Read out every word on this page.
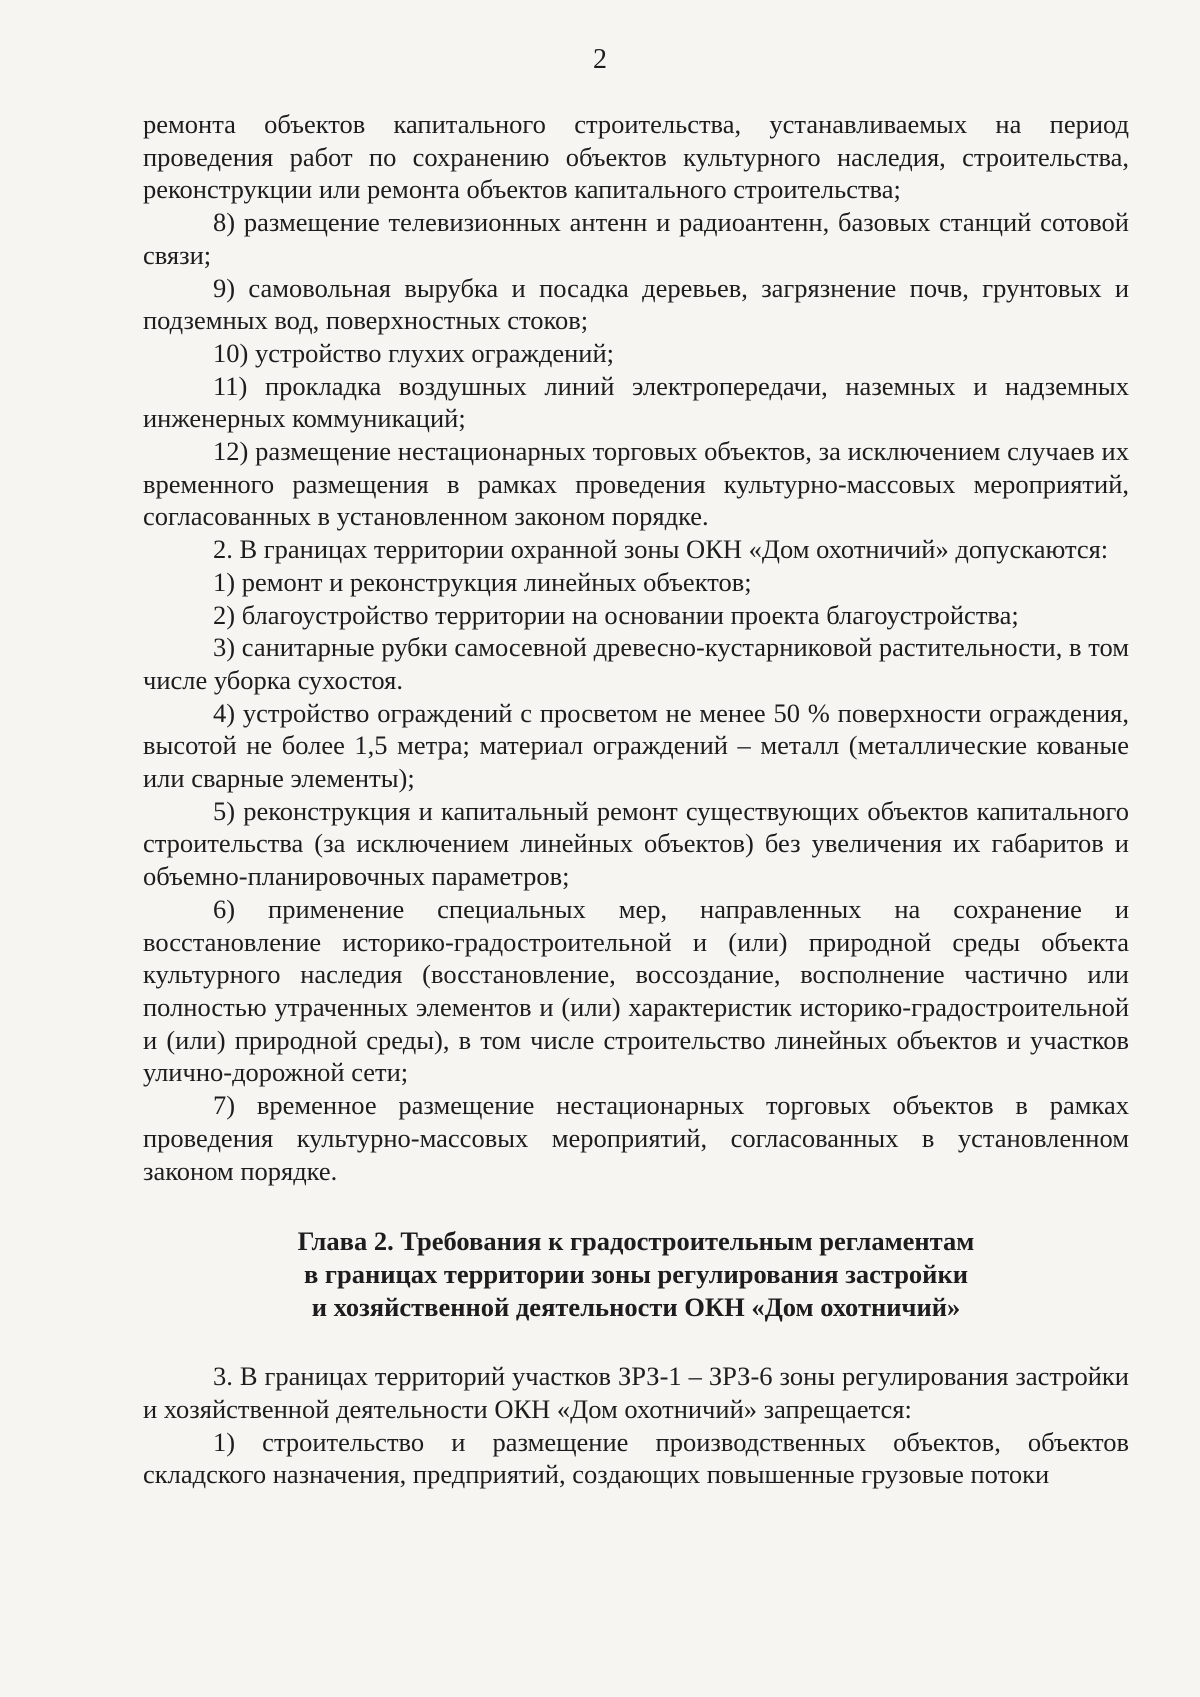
2

ремонта объектов капитального строительства, устанавливаемых на период проведения работ по сохранению объектов культурного наследия, строительства, реконструкции или ремонта объектов капитального строительства;

8) размещение телевизионных антенн и радиоантенн, базовых станций сотовой связи;

9) самовольная вырубка и посадка деревьев, загрязнение почв, грунтовых и подземных вод, поверхностных стоков;

10) устройство глухих ограждений;

11) прокладка воздушных линий электропередачи, наземных и надземных инженерных коммуникаций;

12) размещение нестационарных торговых объектов, за исключением случаев их временного размещения в рамках проведения культурно-массовых мероприятий, согласованных в установленном законом порядке.

2. В границах территории охранной зоны ОКН «Дом охотничий» допускаются:

1) ремонт и реконструкция линейных объектов;

2) благоустройство территории на основании проекта благоустройства;

3) санитарные рубки самосевной древесно-кустарниковой растительности, в том числе уборка сухостоя.

4) устройство ограждений с просветом не менее 50 % поверхности ограждения, высотой не более 1,5 метра; материал ограждений – металл (металлические кованые или сварные элементы);

5) реконструкция и капитальный ремонт существующих объектов капитального строительства (за исключением линейных объектов) без увеличения их габаритов и объемно-планировочных параметров;

6) применение специальных мер, направленных на сохранение и восстановление историко-градостроительной и (или) природной среды объекта культурного наследия (восстановление, воссоздание, восполнение частично или полностью утраченных элементов и (или) характеристик историко-градостроительной и (или) природной среды), в том числе строительство линейных объектов и участков улично-дорожной сети;

7) временное размещение нестационарных торговых объектов в рамках проведения культурно-массовых мероприятий, согласованных в установленном законом порядке.

Глава 2. Требования к градостроительным регламентам
в границах территории зоны регулирования застройки
и хозяйственной деятельности ОКН «Дом охотничий»

3. В границах территорий участков ЗРЗ-1 – ЗРЗ-6 зоны регулирования застройки и хозяйственной деятельности ОКН «Дом охотничий» запрещается:

1) строительство и размещение производственных объектов, объектов складского назначения, предприятий, создающих повышенные грузовые потоки
